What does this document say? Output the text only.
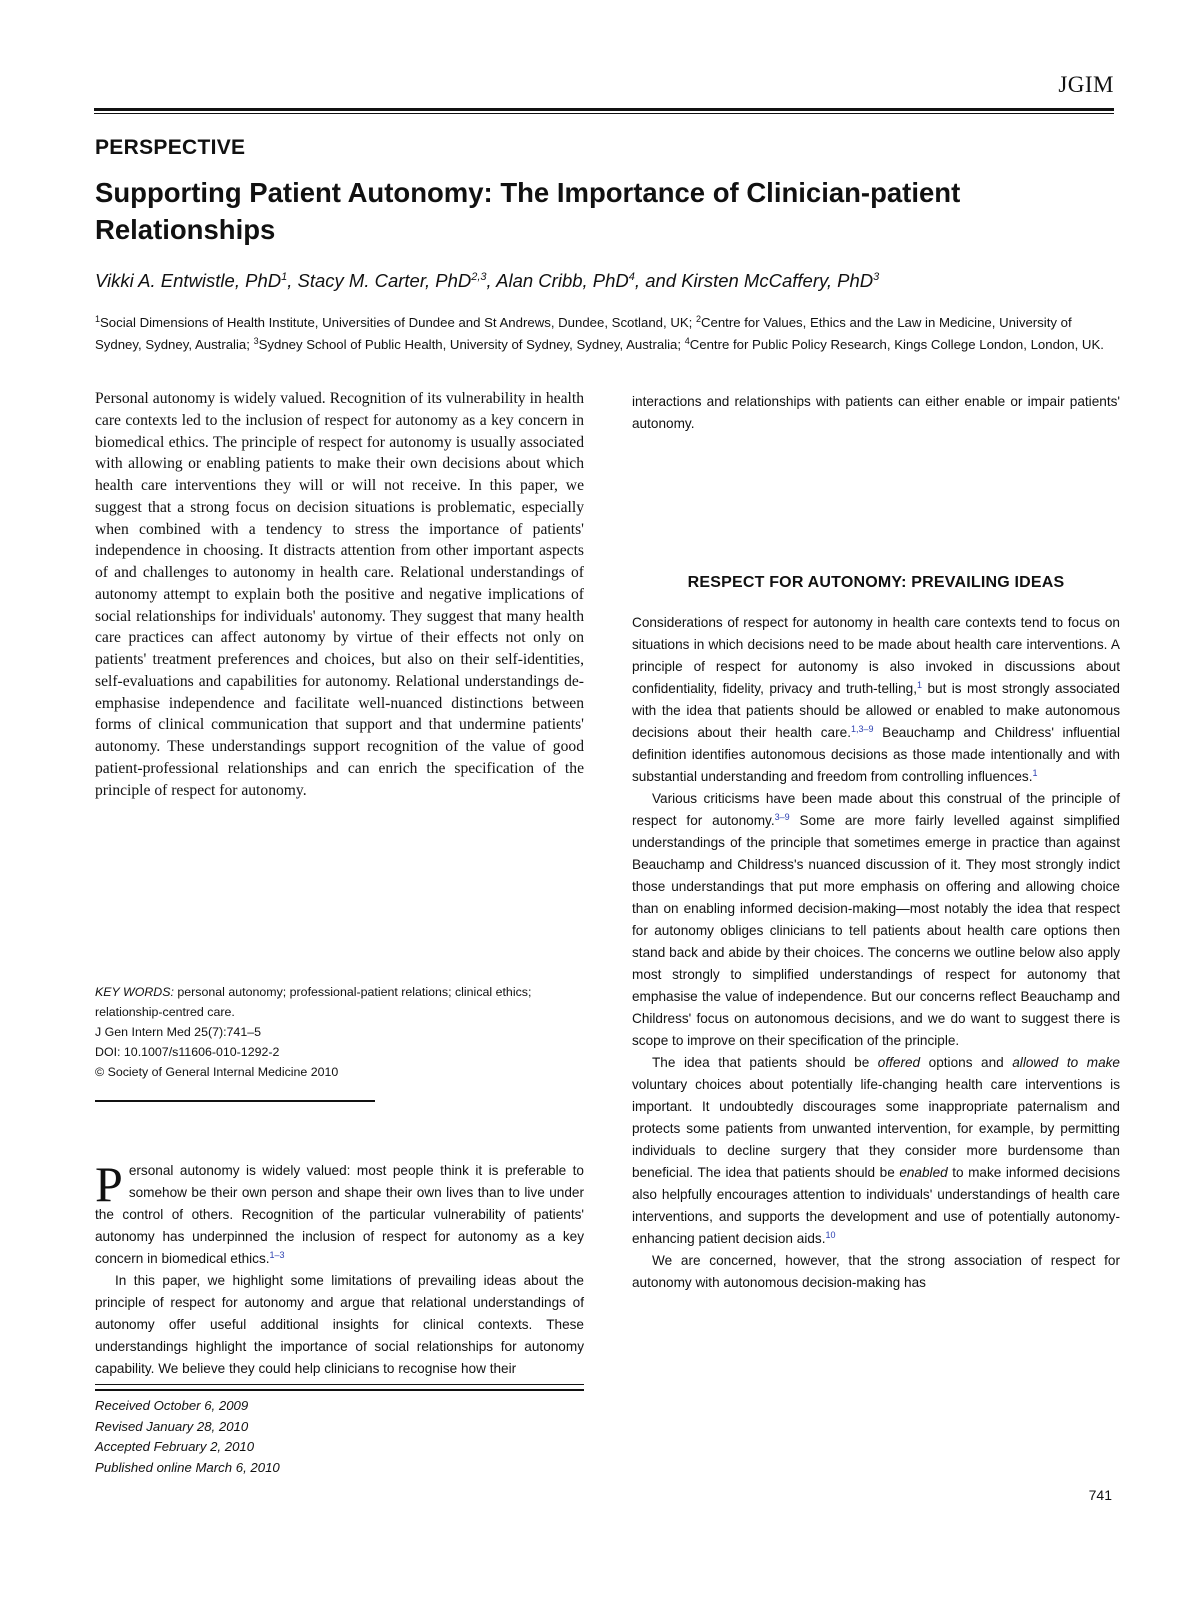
JGIM
PERSPECTIVE
Supporting Patient Autonomy: The Importance of Clinician-patient Relationships
Vikki A. Entwistle, PhD$^1$, Stacy M. Carter, PhD$^{2,3}$, Alan Cribb, PhD$^4$, and Kirsten McCaffery, PhD$^3$
$^1$Social Dimensions of Health Institute, Universities of Dundee and St Andrews, Dundee, Scotland, UK; $^2$Centre for Values, Ethics and the Law in Medicine, University of Sydney, Sydney, Australia; $^3$Sydney School of Public Health, University of Sydney, Sydney, Australia; $^4$Centre for Public Policy Research, Kings College London, London, UK.

Personal autonomy is widely valued. Recognition of its vulnerability in health care contexts led to the inclusion of respect for autonomy as a key concern in biomedical ethics. The principle of respect for autonomy is usually associated with allowing or enabling patients to make their own decisions about which health care interventions they will or will not receive. In this paper, we suggest that a strong focus on decision situations is problematic, especially when combined with a tendency to stress the importance of patients' independence in choosing. It distracts attention from other important aspects of and challenges to autonomy in health care. Relational understandings of autonomy attempt to explain both the positive and negative implications of social relationships for individuals' autonomy. They suggest that many health care practices can affect autonomy by virtue of their effects not only on patients' treatment preferences and choices, but also on their self-identities, self-evaluations and capabilities for autonomy. Relational understandings de-emphasise independence and facilitate well-nuanced distinctions between forms of clinical communication that support and that undermine patients' autonomy. These understandings support recognition of the value of good patient-professional relationships and can enrich the specification of the principle of respect for autonomy.

KEY WORDS: personal autonomy; professional-patient relations; clinical ethics; relationship-centred care.
J Gen Intern Med 25(7):741–5
DOI: 10.1007/s11606-010-1292-2
© Society of General Internal Medicine 2010

Personal autonomy is widely valued: most people think it is preferable to somehow be their own person and shape their own lives than to live under the control of others. Recognition of the particular vulnerability of patients' autonomy has underpinned the inclusion of respect for autonomy as a key concern in biomedical ethics.$^{1-3}$

In this paper, we highlight some limitations of prevailing ideas about the principle of respect for autonomy and argue that relational understandings of autonomy offer useful additional insights for clinical contexts. These understandings highlight the importance of social relationships for autonomy capability. We believe they could help clinicians to recognise how their

Received October 6, 2009
Revised January 28, 2010
Accepted February 2, 2010
Published online March 6, 2010
interactions and relationships with patients can either enable or impair patients' autonomy.
RESPECT FOR AUTONOMY: PREVAILING IDEAS

Considerations of respect for autonomy in health care contexts tend to focus on situations in which decisions need to be made about health care interventions. A principle of respect for autonomy is also invoked in discussions about confidentiality, fidelity, privacy and truth-telling,$^1$ but is most strongly associated with the idea that patients should be allowed or enabled to make autonomous decisions about their health care.$^{1,3-9}$ Beauchamp and Childress' influential definition identifies autonomous decisions as those made intentionally and with substantial understanding and freedom from controlling influences.$^1$

Various criticisms have been made about this construal of the principle of respect for autonomy.$^{3-9}$ Some are more fairly levelled against simplified understandings of the principle that sometimes emerge in practice than against Beauchamp and Childress's nuanced discussion of it. They most strongly indict those understandings that put more emphasis on offering and allowing choice than on enabling informed decision-making—most notably the idea that respect for autonomy obliges clinicians to tell patients about health care options then stand back and abide by their choices. The concerns we outline below also apply most strongly to simplified understandings of respect for autonomy that emphasise the value of independence. But our concerns reflect Beauchamp and Childress' focus on autonomous decisions, and we do want to suggest there is scope to improve on their specification of the principle.

The idea that patients should be offered options and allowed to make voluntary choices about potentially life-changing health care interventions is important. It undoubtedly discourages some inappropriate paternalism and protects some patients from unwanted intervention, for example, by permitting individuals to decline surgery that they consider more burdensome than beneficial. The idea that patients should be enabled to make informed decisions also helpfully encourages attention to individuals' understandings of health care interventions, and supports the development and use of potentially autonomy-enhancing patient decision aids.$^{10}$

We are concerned, however, that the strong association of respect for autonomy with autonomous decision-making has

741
